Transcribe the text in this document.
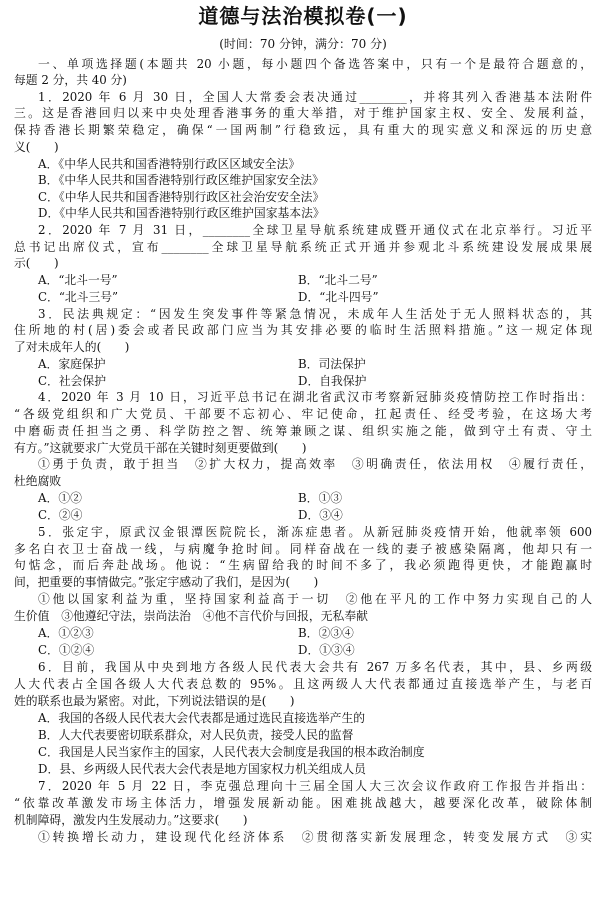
道德与法治模拟卷(一)
(时间：70 分钟，满分：70 分)
一、单项选择题(本题共 20 小题，每小题四个备选答案中，只有一个是最符合题意的，
每题 2 分，共 40 分)
1．2020 年 6 月 30 日，全国人大常委会表决通过________，并将其列入香港基本法附件
三。这是香港回归以来中央处理香港事务的重大举措，对于维护国家主权、安全、发展利益，
保持香港长期繁荣稳定，确保“一国两制”行稳致远，具有重大的现实意义和深远的历史意
义(　　)
A．《中华人民共和国香港特别行政区区域安全法》
B．《中华人民共和国香港特别行政区维护国家安全法》
C．《中华人民共和国香港特别行政区社会治安安全法》
D．《中华人民共和国香港特别行政区维护国家基本法》
2．2020 年 7 月 31 日，________全球卫星导航系统建成暨开通仪式在北京举行。习近平
总书记出席仪式，宣布________全球卫星导航系统正式开通并参观北斗系统建设发展成果展
示(　　)
A．“北斗一号”	B．“北斗二号”
C．“北斗三号”	D．“北斗四号”
3．民法典规定：“因发生突发事件等紧急情况，未成年人生活处于无人照料状态的，其
住所地的村(居)委会或者民政部门应当为其安排必要的临时生活照料措施。”这一规定体现
了对未成年人的(　　)
A．家庭保护	B．司法保护
C．社会保护	D．自我保护
4．2020 年 3 月 10 日，习近平总书记在湖北省武汉市考察新冠肺炎疫情防控工作时指出：
“各级党组织和广大党员、干部要不忘初心、牢记使命，扛起责任、经受考验，在这场大考
中磨砺责任担当之勇、科学防控之智、统筹兼顾之谋、组织实施之能，做到守土有责、守土
有方。”这就要求广大党员干部在关键时刻更要做到(　　)
①勇于负责，敢于担当　②扩大权力，提高效率　③明确责任，依法用权　④履行责任，
杜绝腐败
A．①②	B．①③
C．②④	D．③④
5．张定宇，原武汉金银潭医院院长，渐冻症患者。从新冠肺炎疫情开始，他就率领 600
多名白衣卫士奋战一线，与病魔争抢时间。同样奋战在一线的妻子被感染隔离，他却只有一
句惦念，而后奔赴战场。他说：“生病留给我的时间不多了，我必须跑得更快，才能跑赢时
间，把重要的事情做完。”张定宇感动了我们，是因为(　　)
①他以国家利益为重，坚持国家利益高于一切　②他在平凡的工作中努力实现自己的人
生价值　③他遵纪守法，崇尚法治　④他不言代价与回报，无私奉献
A．①②③	B．②③④
C．①②④	D．①③④
6．目前，我国从中央到地方各级人民代表大会共有 267 万多名代表，其中，县、乡两级
人大代表占全国各级人大代表总数的 95%。且这两级人大代表都通过直接选举产生，与老百
姓的联系也最为紧密。对此，下列说法错误的是(　　)
A．我国的各级人民代表大会代表都是通过选民直接选举产生的
B．人大代表要密切联系群众，对人民负责，接受人民的监督
C．我国是人民当家作主的国家，人民代表大会制度是我国的根本政治制度
D．县、乡两级人民代表大会代表是地方国家权力机关组成人员
7．2020 年 5 月 22 日，李克强总理向十三届全国人大三次会议作政府工作报告并指出：
“依靠改革激发市场主体活力，增强发展新动能。困难挑战越大，越要深化改革，破除体制
机制障碍，激发内生发展动力。”这要求(　　)
①转换增长动力，建设现代化经济体系　②贯彻落实新发展理念，转变发展方式　③实
